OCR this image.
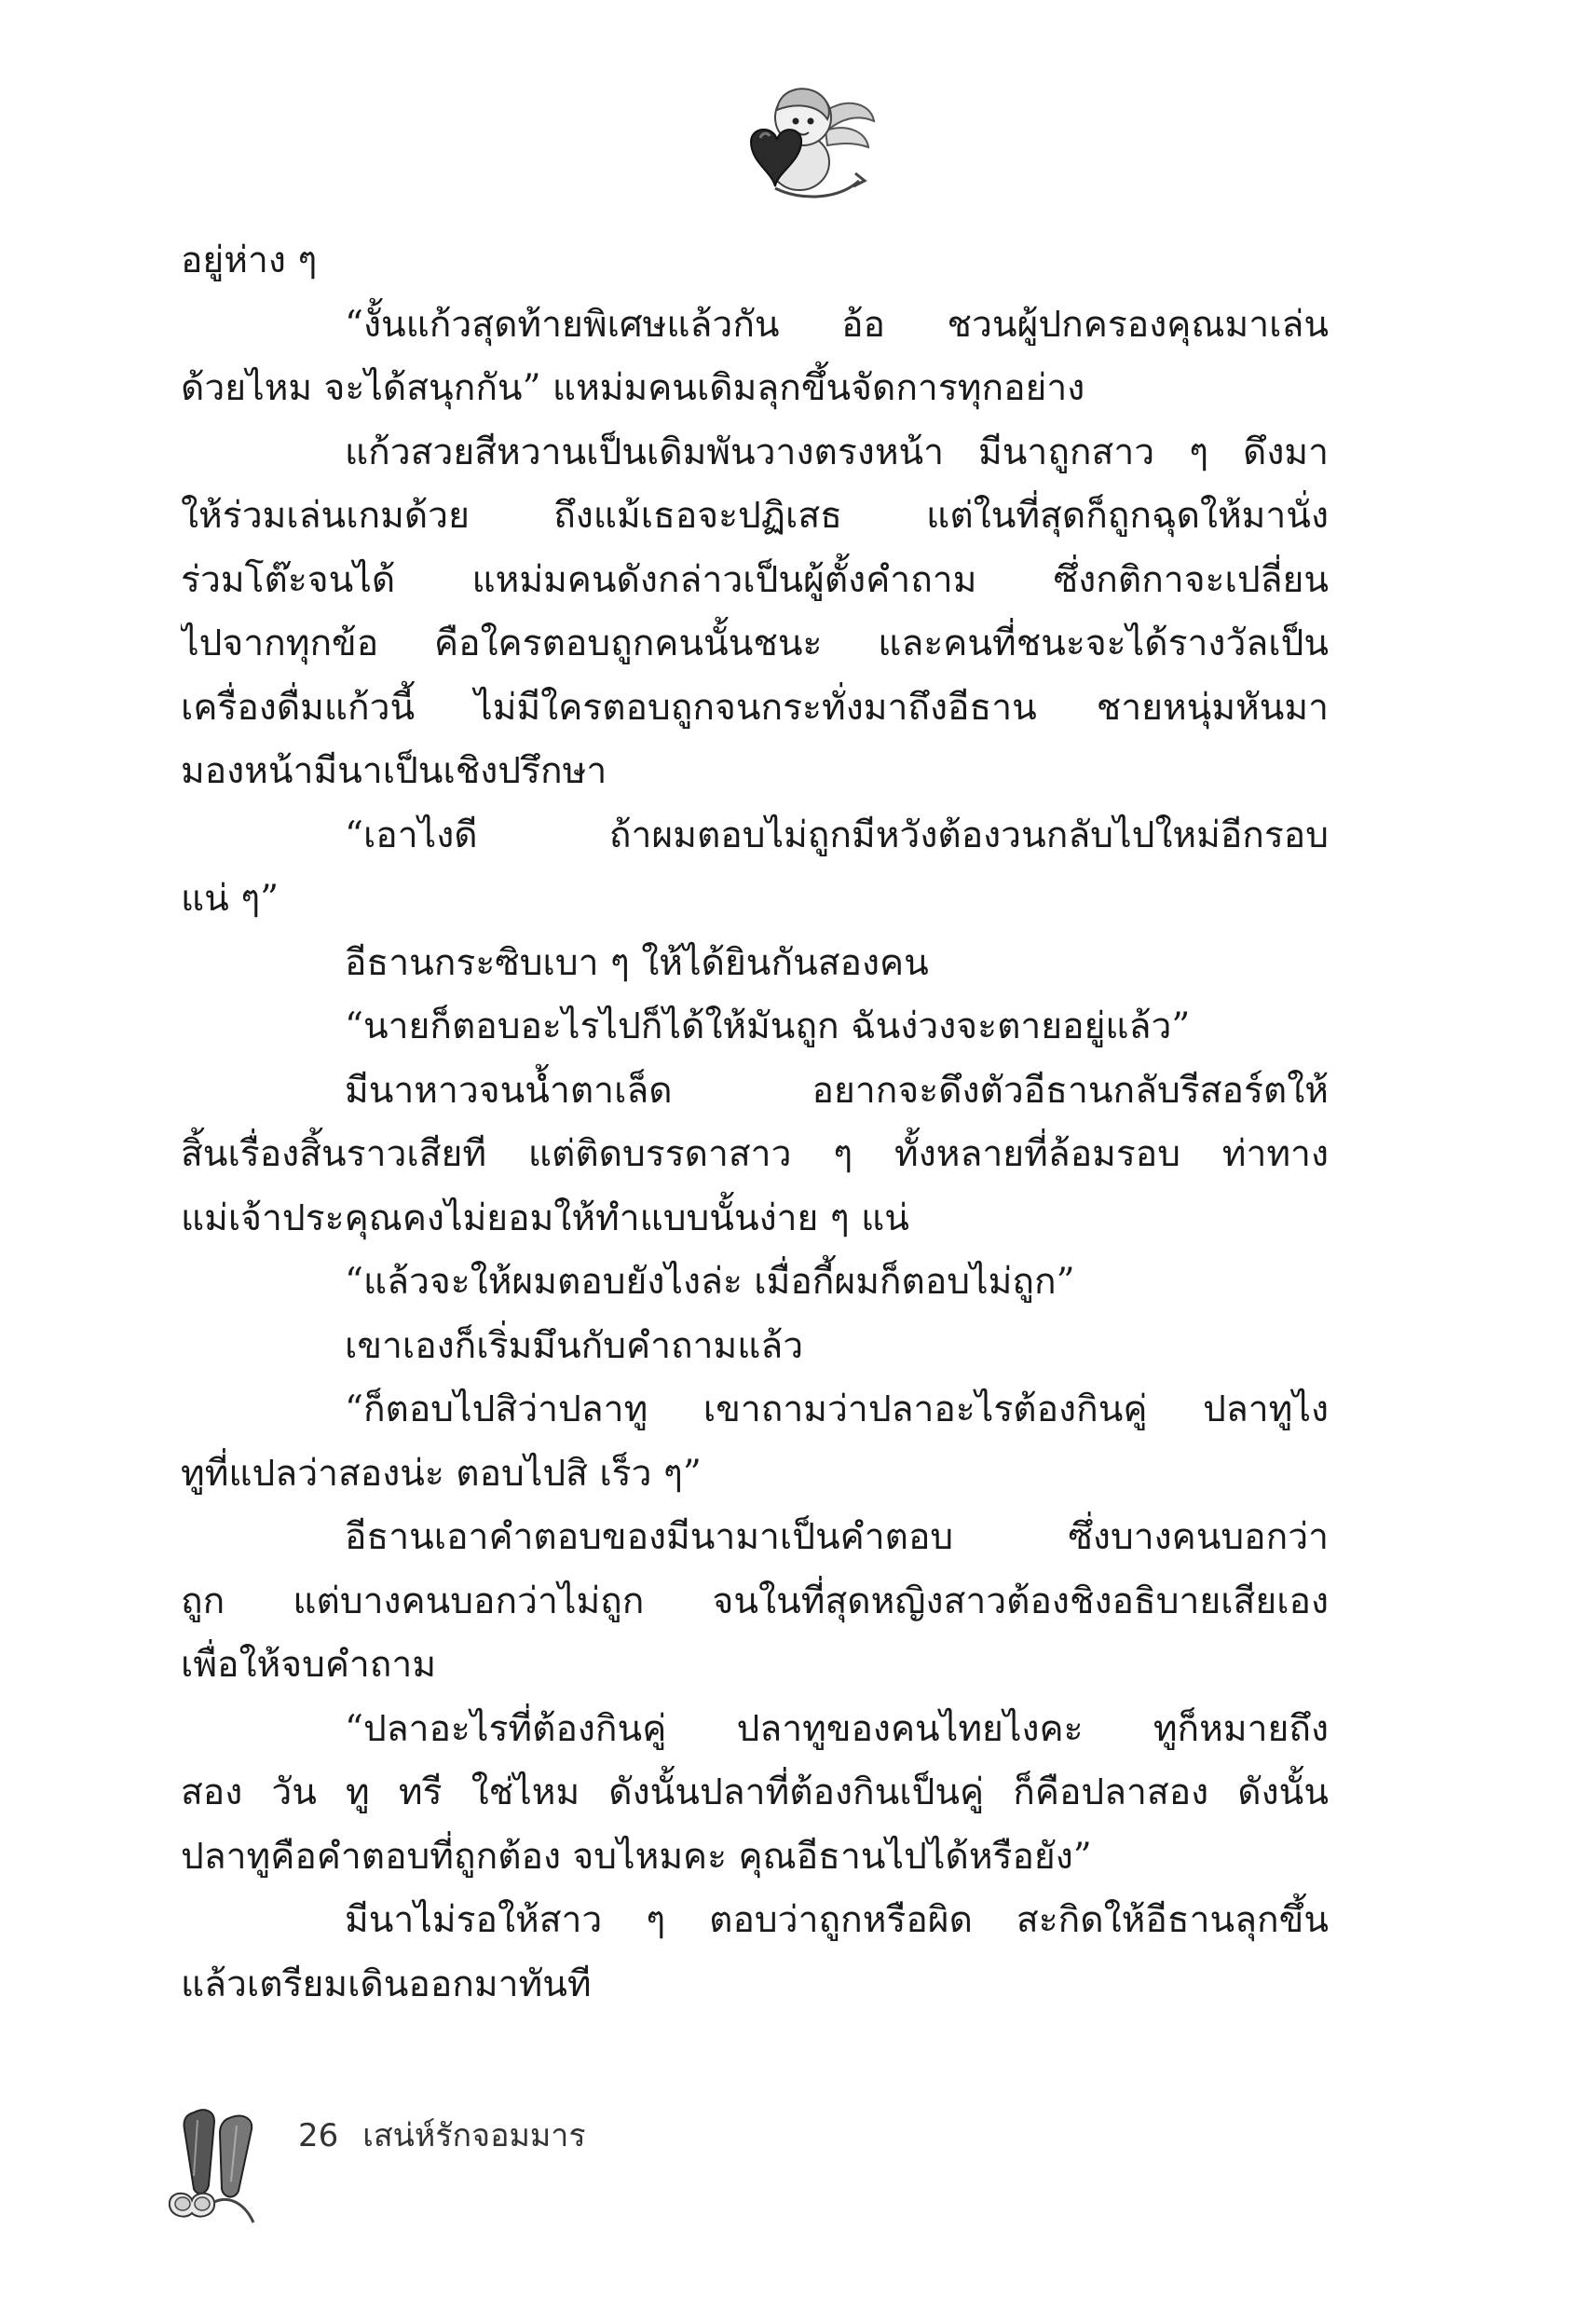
อยู่ห่าง ๆ
“งั้นแก้วสุดท้ายพิเศษแล้วกัน อ้อ ชวนผู้ปกครองคุณมาเล่น
ด้วยไหม จะได้สนุกกัน” แหม่มคนเดิมลุกขึ้นจัดการทุกอย่าง
แก้วสวยสีหวานเป็นเดิมพันวางตรงหน้า มีนาถูกสาว ๆ ดึงมา
ให้ร่วมเล่นเกมด้วย ถึงแม้เธอจะปฏิเสธ แต่ในที่สุดก็ถูกฉุดให้มานั่ง
ร่วมโต๊ะจนได้ แหม่มคนดังกล่าวเป็นผู้ตั้งคำถาม ซึ่งกติกาจะเปลี่ยน
ไปจากทุกข้อ คือใครตอบถูกคนนั้นชนะ และคนที่ชนะจะได้รางวัลเป็น
เครื่องดื่มแก้วนี้ ไม่มีใครตอบถูกจนกระทั่งมาถึงอีธาน ชายหนุ่มหันมา
มองหน้ามีนาเป็นเชิงปรึกษา
“เอาไงดี ถ้าผมตอบไม่ถูกมีหวังต้องวนกลับไปใหม่อีกรอบ
แน่ ๆ”
อีธานกระซิบเบา ๆ ให้ได้ยินกันสองคน
“นายก็ตอบอะไรไปก็ได้ให้มันถูก ฉันง่วงจะตายอยู่แล้ว”
มีนาหาวจนน้ำตาเล็ด อยากจะดึงตัวอีธานกลับรีสอร์ตให้
สิ้นเรื่องสิ้นราวเสียที แต่ติดบรรดาสาว ๆ ทั้งหลายที่ล้อมรอบ ท่าทาง
แม่เจ้าประคุณคงไม่ยอมให้ทำแบบนั้นง่าย ๆ แน่
“แล้วจะให้ผมตอบยังไงล่ะ เมื่อกี้ผมก็ตอบไม่ถูก”
เขาเองก็เริ่มมึนกับคำถามแล้ว
“ก็ตอบไปสิว่าปลาทู เขาถามว่าปลาอะไรต้องกินคู่ ปลาทูไง
ทูที่แปลว่าสองน่ะ ตอบไปสิ เร็ว ๆ”
อีธานเอาคำตอบของมีนามาเป็นคำตอบ ซึ่งบางคนบอกว่า
ถูก แต่บางคนบอกว่าไม่ถูก จนในที่สุดหญิงสาวต้องชิงอธิบายเสียเอง
เพื่อให้จบคำถาม
“ปลาอะไรที่ต้องกินคู่ ปลาทูของคนไทยไงคะ ทูก็หมายถึง
สอง วัน ทู ทรี ใช่ไหม ดังนั้นปลาที่ต้องกินเป็นคู่ ก็คือปลาสอง ดังนั้น
ปลาทูคือคำตอบที่ถูกต้อง จบไหมคะ คุณอีธานไปได้หรือยัง”
มีนาไม่รอให้สาว ๆ ตอบว่าถูกหรือผิด สะกิดให้อีธานลุกขึ้น
แล้วเตรียมเดินออกมาทันที
26 เสน่ห์รักจอมมาร
